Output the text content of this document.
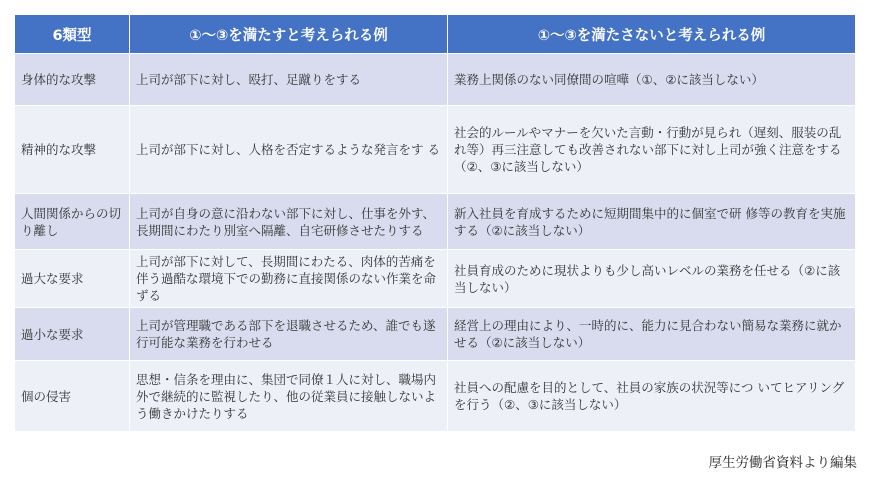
6類型	①～③を満たすと考えられる例	①～③を満たさないと考えられる例
身体的な攻撃	上司が部下に対し、殴打、足蹴りをする	業務上関係のない同僚間の喧嘩（①、②に該当しない）
精神的な攻撃	上司が部下に対し、人格を否定するような発言をす る	社会的ルールやマナーを欠いた言動・行動が見られ（遅刻、服装の乱れ等）再三注意しても改善されない部下に対し上司が強く注意をする（②、③に該当しない）
人間関係からの切り離し	上司が自身の意に沿わない部下に対し、仕事を外す、長期間にわたり別室へ隔離、自宅研修させたりする	新入社員を育成するために短期間集中的に個室で研 修等の教育を実施する（②に該当しない）
過大な要求	上司が部下に対して、長期間にわたる、肉体的苦痛を伴う過酷な環境下での勤務に直接関係のない作業を命 ずる	社員育成のために現状よりも少し高いレベルの業務を任せる（②に該当しない）
過小な要求	上司が管理職である部下を退職させるため、誰でも遂行可能な業務を行わせる	経営上の理由により、一時的に、能力に見合わない簡易な業務に就かせる（②に該当しない）
個の侵害	思想・信条を理由に、集団で同僚１人に対し、職場内外で継続的に監視したり、他の従業員に接触しないよ う働きかけたりする	社員への配慮を目的として、社員の家族の状況等につ いてヒアリングを行う（②、③に該当しない）
厚生労働省資料より編集
